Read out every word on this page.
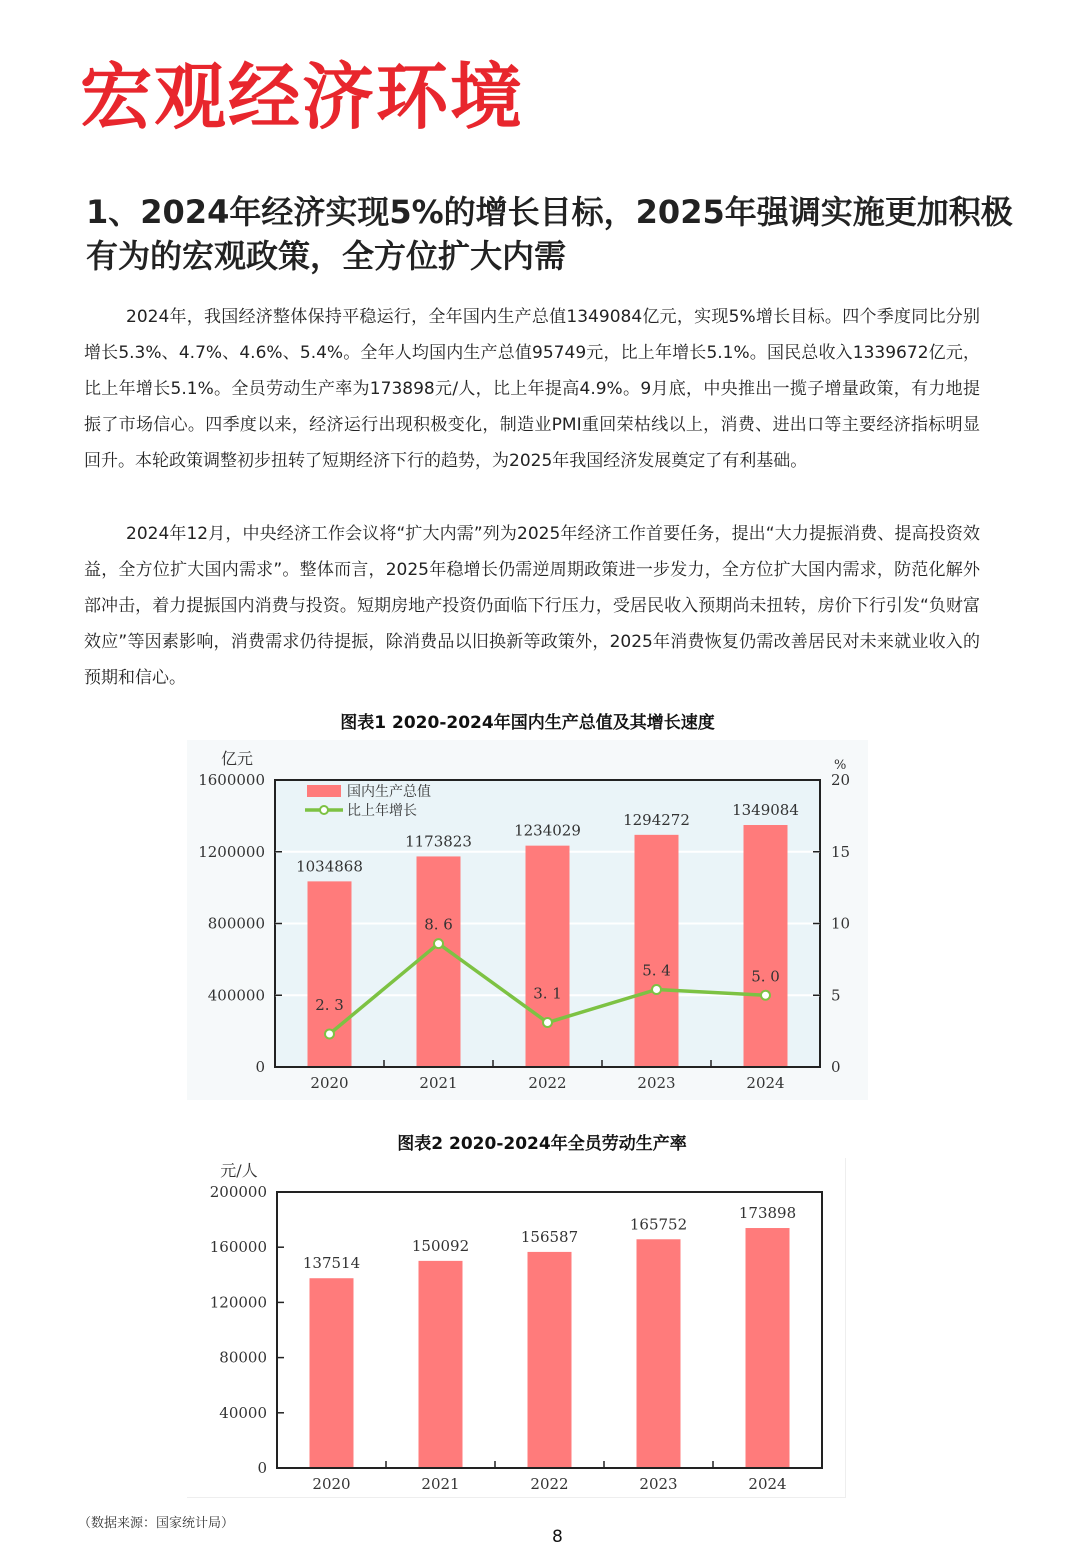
宏观经济环境
1、2024年经济实现5%的增长目标，2025年强调实施更加积极有为的宏观政策，全方位扩大内需

2024年，我国经济整体保持平稳运行，全年国内生产总值1349084亿元，实现5%增长目标。四个季度同比分别增长5.3%、4.7%、4.6%、5.4%。全年人均国内生产总值95749元，比上年增长5.1%。国民总收入1339672亿元，比上年增长5.1%。全员劳动生产率为173898元/人，比上年提高4.9%。9月底，中央推出一揽子增量政策，有力地提振了市场信心。四季度以来，经济运行出现积极变化，制造业PMI重回荣枯线以上，消费、进出口等主要经济指标明显回升。本轮政策调整初步扭转了短期经济下行的趋势，为2025年我国经济发展奠定了有利基础。

2024年12月，中央经济工作会议将“扩大内需”列为2025年经济工作首要任务，提出“大力提振消费、提高投资效益，全方位扩大国内需求”。整体而言，2025年稳增长仍需逆周期政策进一步发力，全方位扩大国内需求，防范化解外部冲击，着力提振国内消费与投资。短期房地产投资仍面临下行压力，受居民收入预期尚未扭转，房价下行引发“负财富效应”等因素影响，消费需求仍待提振，除消费品以旧换新等政策外，2025年消费恢复仍需改善居民对未来就业收入的预期和信心。

图表1 2020-2024年国内生产总值及其增长速度
0
400000
800000
1200000
1600000
亿元
2020
1034868
2021
1173823
2022
1234029
2023
1294272
2024
1349084
0
5
10
15
20
%
2. 3
8. 6
3. 1
5. 4	5. 0
国内生产总值
比上年增长
图表2 2020-2024年全员劳动生产率
0
40000
80000
120000
160000
200000
元/人
2020
137514
2021
150092
2022
156587
2023
165752
2024
173898
（数据来源：国家统计局）
8
